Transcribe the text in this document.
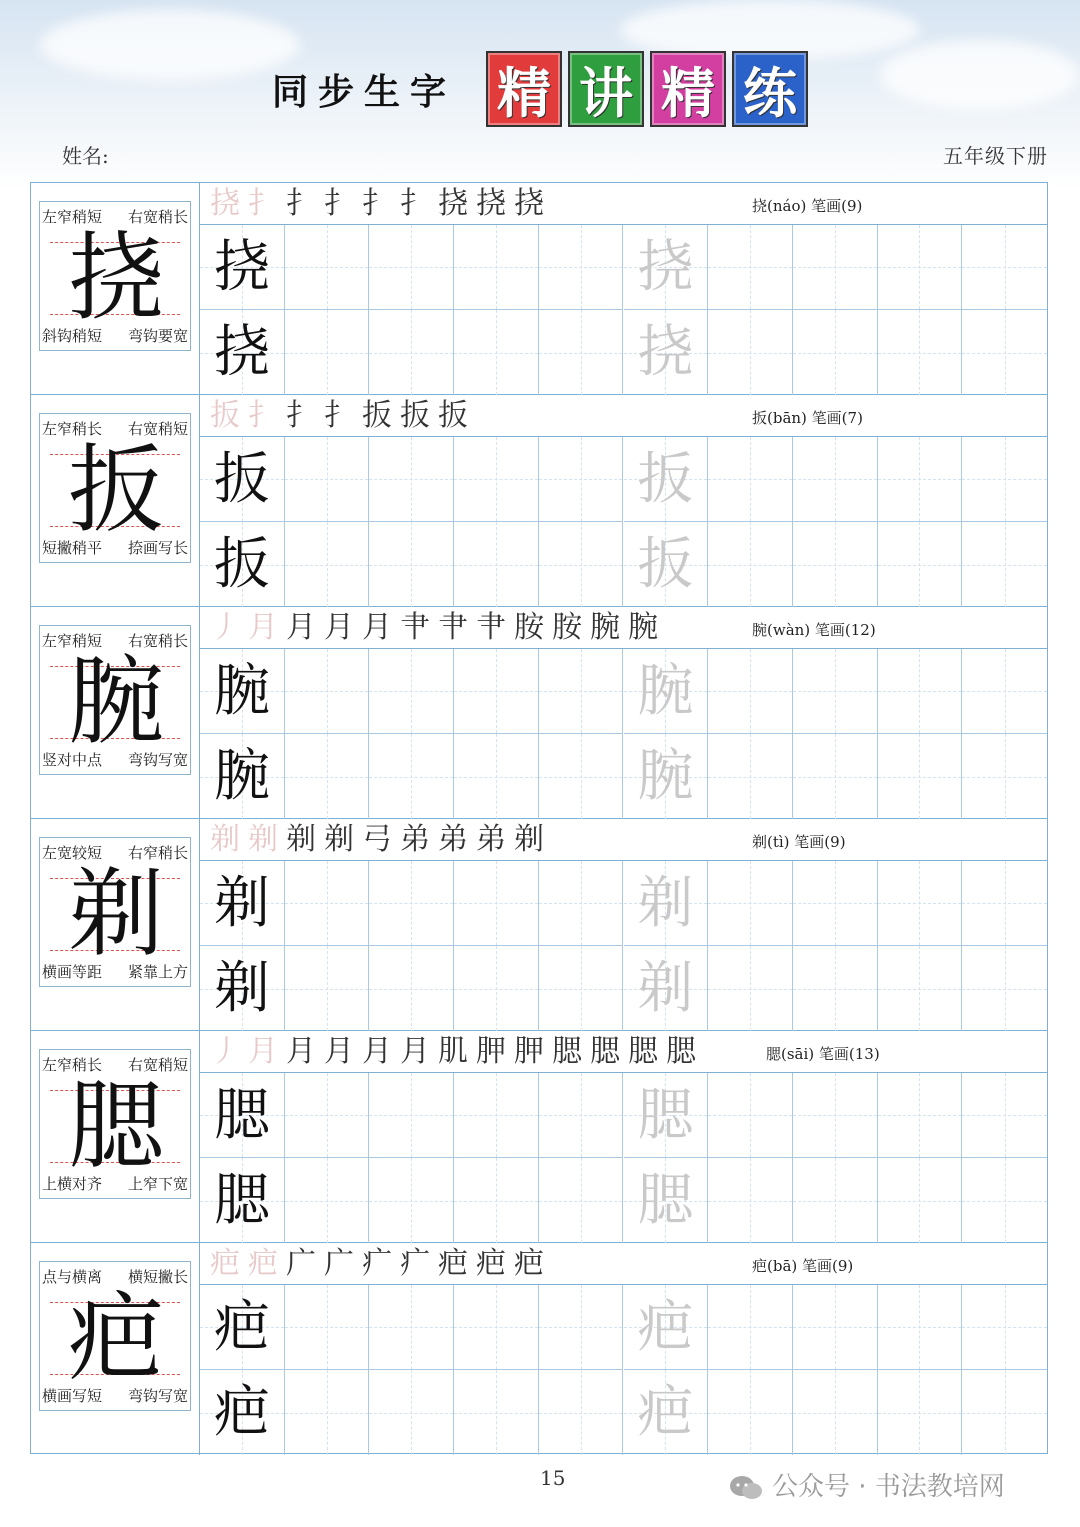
同步生字 精 讲 精 练
姓名:	五年级下册
左窄稍短 右宽稍长
斜钩稍短 弯钩要宽
挠
挠扌扌扌扌扌挠挠挠	挠(náo) 笔画(9)
挠	挠
挠	挠
左窄稍长 右宽稍短
短撇稍平 捺画写长
扳
扳扌扌扌扳扳扳	扳(bān) 笔画(7)
扳	扳
扳	扳
左窄稍短 右宽稍长
竖对中点 弯钩写宽
腕
丿月月月月肀肀肀胺胺腕腕	腕(wàn) 笔画(12)
腕	腕
腕	腕
左宽较短 右窄稍长
横画等距 紧靠上方
剃
剃剃剃剃弓弟弟弟剃	剃(tì) 笔画(9)
剃	剃
剃	剃
左窄稍长 右宽稍短
上横对齐 上窄下宽
腮
丿月月月月月肌胛胛腮腮腮腮	腮(sāi) 笔画(13)
腮	腮
腮	腮
点与横离 横短撇长
横画写短 弯钩写宽
疤
疤疤广广疒疒疤疤疤	疤(bā) 笔画(9)
疤	疤
疤	疤
15	公众号 · 书法教培网
